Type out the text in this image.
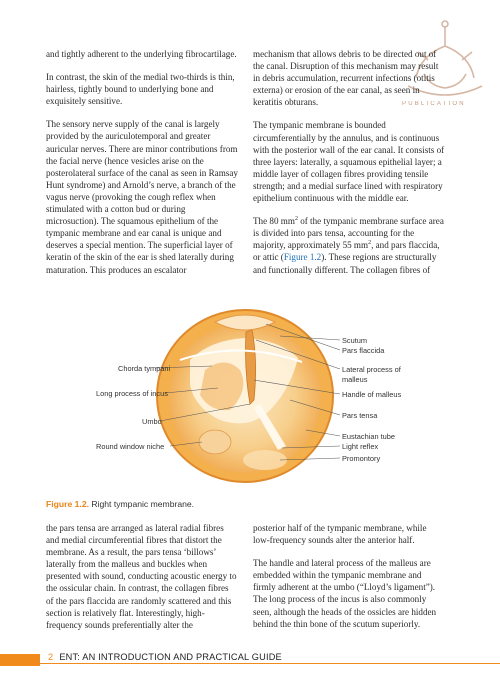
PUBLICATION

and tightly adherent to the underlying fibrocartilage.

In contrast, the skin of the medial two-thirds is thin, hairless, tightly bound to underlying bone and exquisitely sensitive.

The sensory nerve supply of the canal is largely provided by the auriculotemporal and greater auricular nerves. There are minor contributions from the facial nerve (hence vesicles arise on the posterolateral surface of the canal as seen in Ramsay Hunt syndrome) and Arnold’s nerve, a branch of the vagus nerve (provoking the cough reflex when stimulated with a cotton bud or during microsuction). The squamous epithelium of the tympanic membrane and ear canal is unique and deserves a special mention. The superficial layer of keratin of the skin of the ear is shed laterally during maturation. This produces an escalator

mechanism that allows debris to be directed out of the canal. Disruption of this mechanism may result in debris accumulation, recurrent infections (otitis externa) or erosion of the ear canal, as seen in keratitis obturans.

The tympanic membrane is bounded circumferentially by the annulus, and is continuous with the posterior wall of the ear canal. It consists of three layers: laterally, a squamous epithelial layer; a middle layer of collagen fibres providing tensile strength; and a medial surface lined with respiratory epithelium continuous with the middle ear.

The 80 $mm^2$ of the tympanic membrane surface area is divided into pars tensa, accounting for the majority, approximately 55 $mm^2$, and pars flaccida, or attic (Figure 1.2). These regions are structurally and functionally different. The collagen fibres of

Chorda tympani
Long process of incus
Umbo
Round window niche
Scutum
Pars flaccida
Lateral process of
malleus
Handle of malleus
Pars tensa
Eustachian tube
Light reflex
Promontory
Figure 1.2. Right tympanic membrane.

the pars tensa are arranged as lateral radial fibres and medial circumferential fibres that distort the membrane. As a result, the pars tensa ‘billows’ laterally from the malleus and buckles when presented with sound, conducting acoustic energy to the ossicular chain. In contrast, the collagen fibres of the pars flaccida are randomly scattered and this section is relatively flat. Interestingly, high-frequency sounds preferentially alter the

posterior half of the tympanic membrane, while low-frequency sounds alter the anterior half.

The handle and lateral process of the malleus are embedded within the tympanic membrane and firmly adherent at the umbo (“Lloyd’s ligament”). The long process of the incus is also commonly seen, although the heads of the ossicles are hidden behind the thin bone of the scutum superiorly.

2 ENT: AN INTRODUCTION AND PRACTICAL GUIDE
